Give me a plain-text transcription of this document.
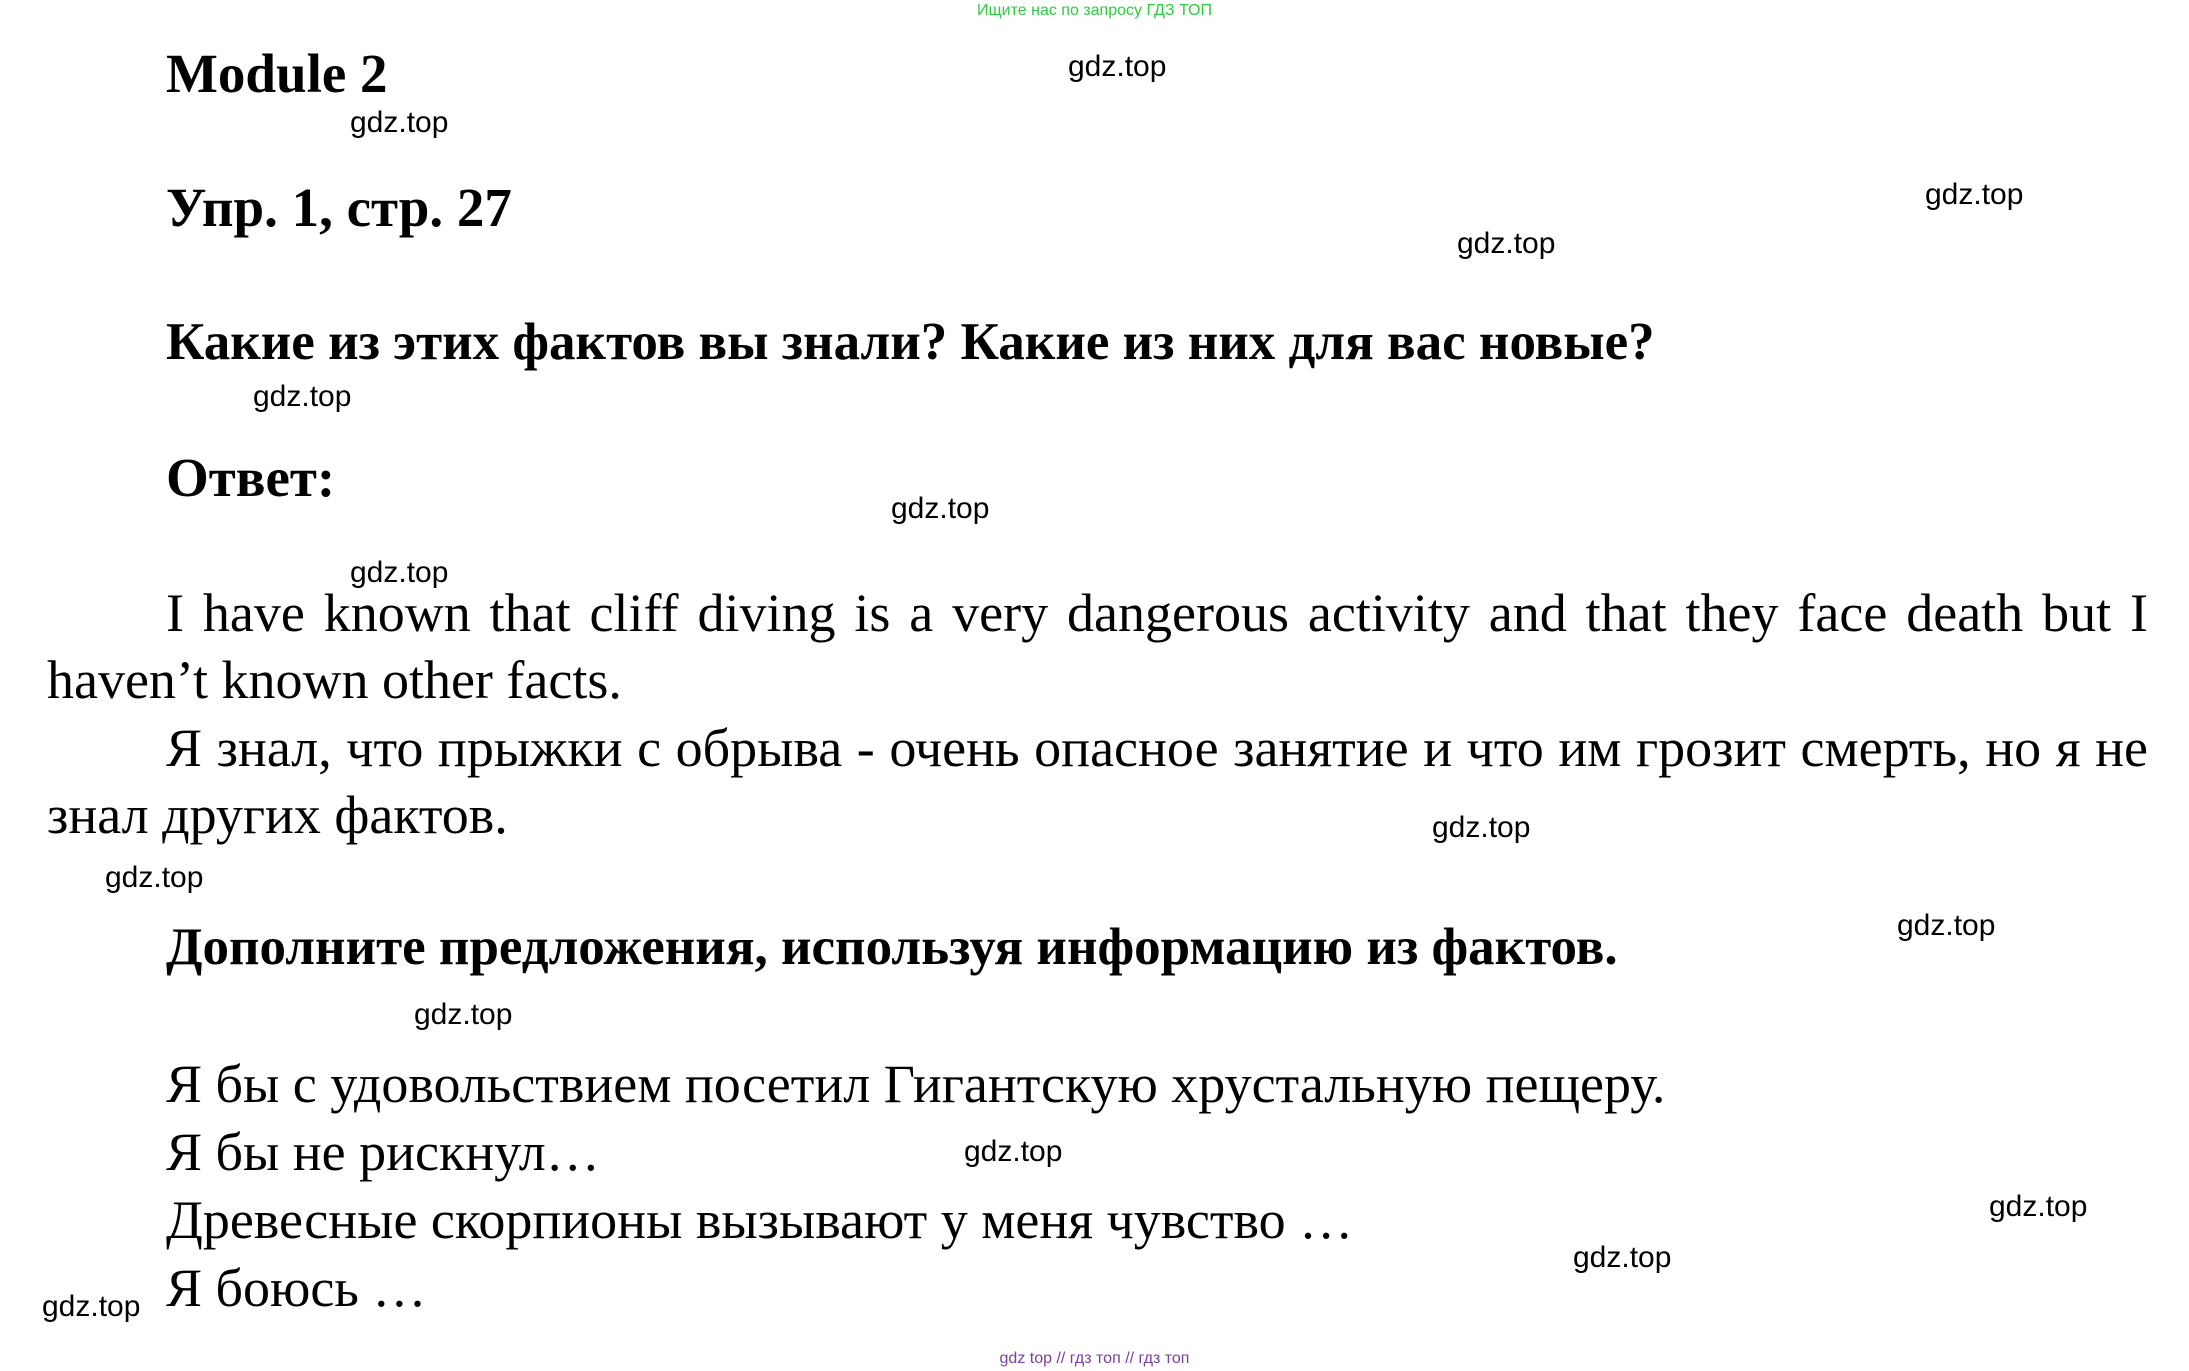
Ищите нас по запросу ГДЗ ТОП
Module 2
Упр. 1, стр. 27
Какие из этих фактов вы знали? Какие из них для вас новые?
Ответ:
I have known that cliff diving is a very dangerous activity and that they face death but I haven’t known other facts.
Я знал, что прыжки с обрыва - очень опасное занятие и что им грозит смерть, но я не знал других фактов.
Дополните предложения, используя информацию из фактов.
Я бы с удовольствием посетил Гигантскую хрустальную пещеру.
Я бы не рискнул…
Древесные скорпионы вызывают у меня чувство …
Я боюсь …
gdz.top
gdz.top
gdz.top
gdz.top
gdz.top
gdz.top
gdz.top
gdz.top
gdz.top
gdz.top
gdz.top
gdz.top
gdz.top
gdz.top
gdz.top
gdz top // гдз топ // гдз топ
